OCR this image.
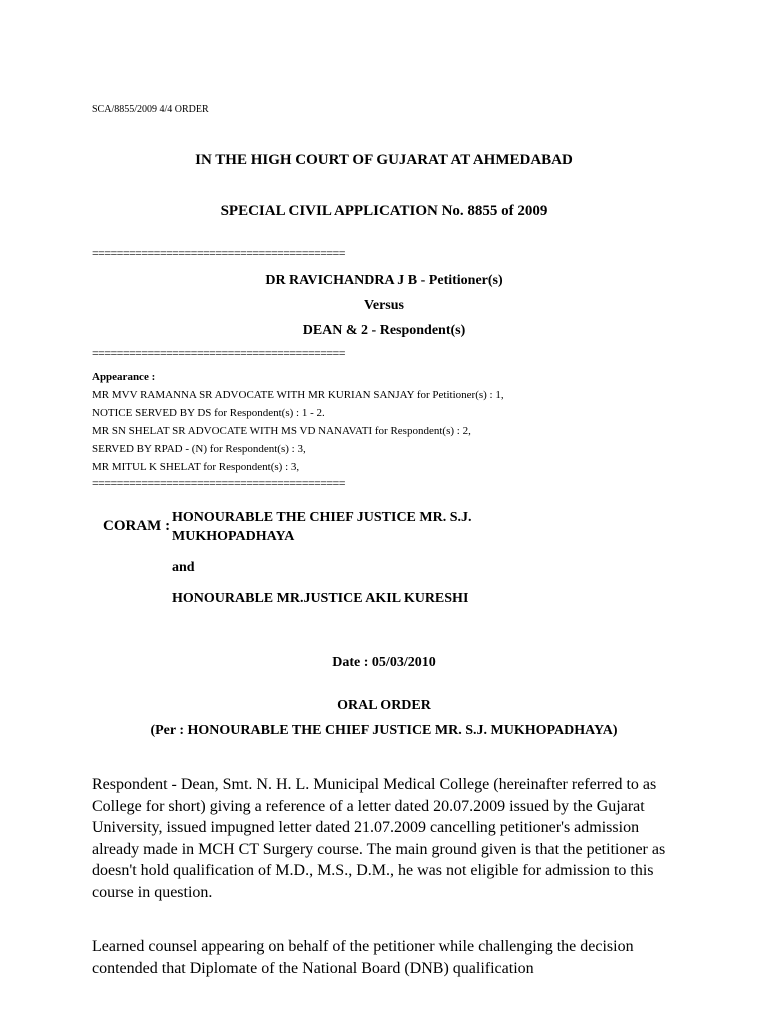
SCA/8855/2009 4/4 ORDER
IN THE HIGH COURT OF GUJARAT AT AHMEDABAD
SPECIAL CIVIL APPLICATION No. 8855 of 2009
=========================================
DR RAVICHANDRA J B - Petitioner(s)
Versus
DEAN & 2 - Respondent(s)
=========================================
Appearance :
MR MVV RAMANNA SR ADVOCATE WITH MR KURIAN SANJAY for Petitioner(s) : 1,
NOTICE SERVED BY DS for Respondent(s) : 1 - 2.
MR SN SHELAT SR ADVOCATE WITH MS VD NANAVATI for Respondent(s) : 2,
SERVED BY RPAD - (N) for Respondent(s) : 3,
MR MITUL K SHELAT for Respondent(s) : 3,
=========================================
CORAM :
HONOURABLE THE CHIEF JUSTICE MR. S.J. MUKHOPADHAYA
and
HONOURABLE MR.JUSTICE AKIL KURESHI
Date : 05/03/2010
ORAL ORDER
(Per : HONOURABLE THE CHIEF JUSTICE MR. S.J. MUKHOPADHAYA)
Respondent - Dean, Smt. N. H. L. Municipal Medical College (hereinafter referred to as College for short) giving a reference of a letter dated 20.07.2009 issued by the Gujarat University, issued impugned letter dated 21.07.2009 cancelling petitioner's admission already made in MCH CT Surgery course. The main ground given is that the petitioner as doesn't hold qualification of M.D., M.S., D.M., he was not eligible for admission to this course in question.
Learned counsel appearing on behalf of the petitioner while challenging the decision contended that Diplomate of the National Board (DNB) qualification
